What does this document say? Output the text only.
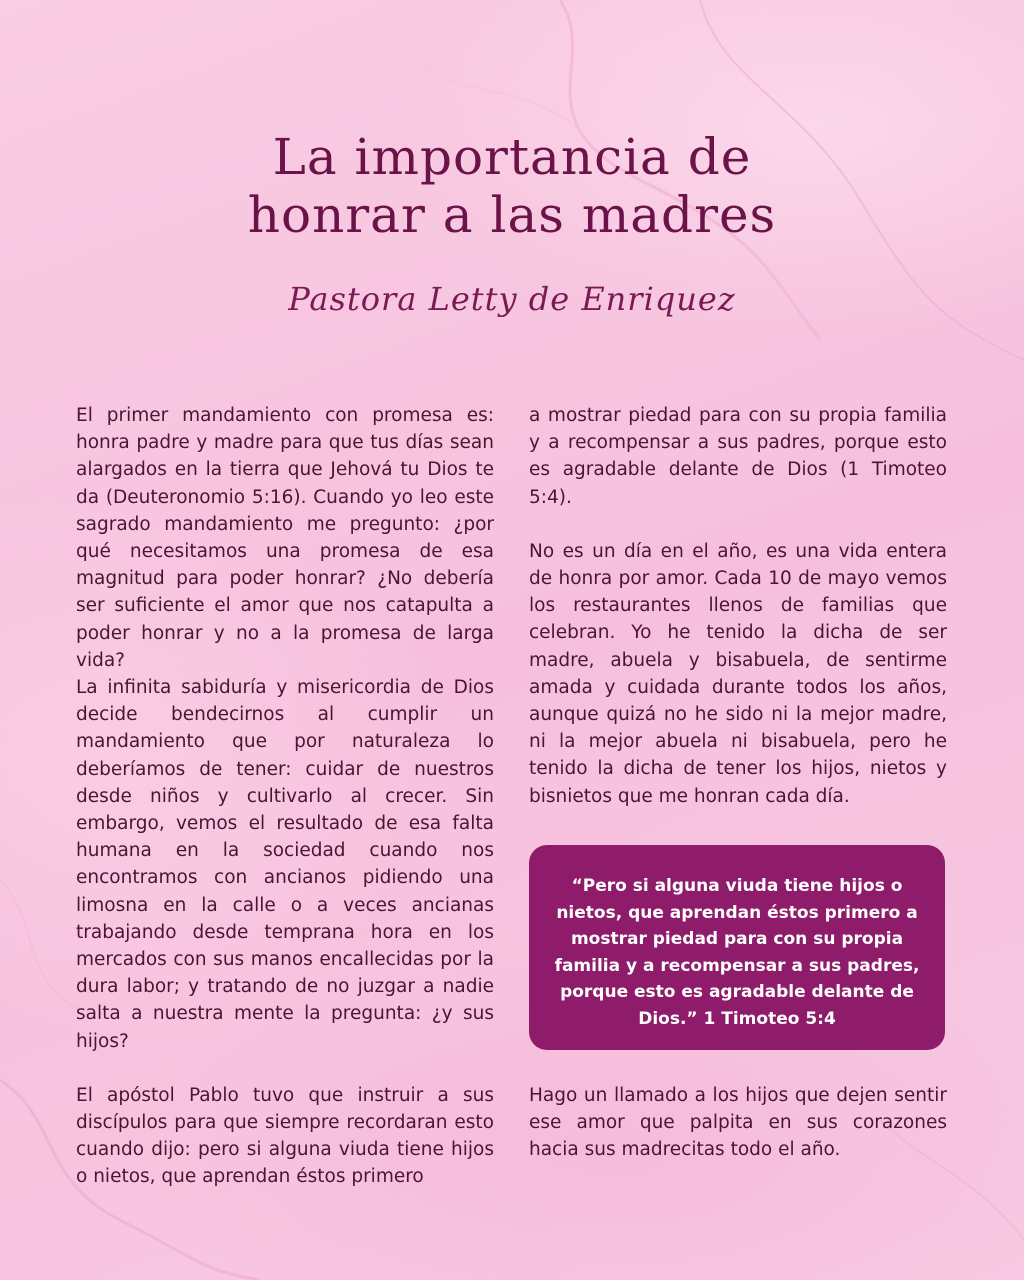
La importancia de
honrar a las madres
Pastora Letty de Enriquez

El primer mandamiento con promesa es: honra padre y madre para que tus días sean alargados en la tierra que Jehová tu Dios te da (Deuteronomio 5:16). Cuando yo leo este sagrado mandamiento me pregunto: ¿por qué necesitamos una promesa de esa magnitud para poder honrar? ¿No debería ser suficiente el amor que nos catapulta a poder honrar y no a la promesa de larga vida?

La infinita sabiduría y misericordia de Dios decide bendecirnos al cumplir un mandamiento que por naturaleza lo deberíamos de tener: cuidar de nuestros desde niños y cultivarlo al crecer. Sin embargo, vemos el resultado de esa falta humana en la sociedad cuando nos encontramos con ancianos pidiendo una limosna en la calle o a veces ancianas trabajando desde temprana hora en los mercados con sus manos encallecidas por la dura labor; y tratando de no juzgar a nadie salta a nuestra mente la pregunta: ¿y sus hijos?

El apóstol Pablo tuvo que instruir a sus discípulos para que siempre recordaran esto cuando dijo: pero si alguna viuda tiene hijos o nietos, que aprendan éstos primero

a mostrar piedad para con su propia familia y a recompensar a sus padres, porque esto es agradable delante de Dios (1 Timoteo 5:4).

No es un día en el año, es una vida entera de honra por amor. Cada 10 de mayo vemos los restaurantes llenos de familias que celebran. Yo he tenido la dicha de ser madre, abuela y bisabuela, de sentirme amada y cuidada durante todos los años, aunque quizá no he sido ni la mejor madre, ni la mejor abuela ni bisabuela, pero he tenido la dicha de tener los hijos, nietos y bisnietos que me honran cada día.

“Pero si alguna viuda tiene hijos o nietos, que aprendan éstos primero a mostrar piedad para con su propia familia y a recompensar a sus padres, porque esto es agradable delante de Dios.” 1 Timoteo 5:4

Hago un llamado a los hijos que dejen sentir ese amor que palpita en sus corazones hacia sus madrecitas todo el año.
